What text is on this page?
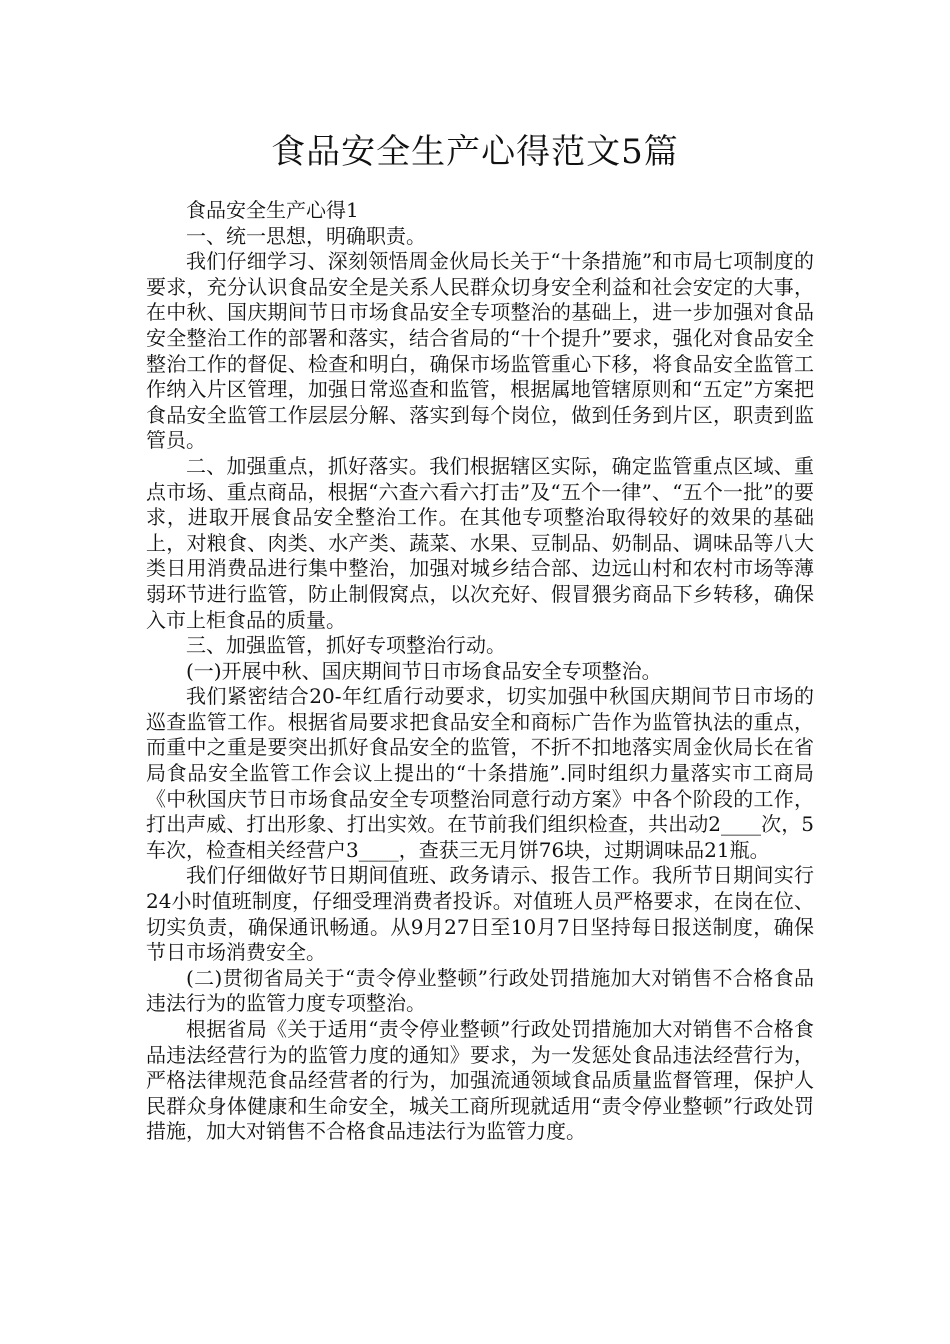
食品安全生产心得范文5篇

食品安全生产心得1

一、统一思想，明确职责。

我们仔细学习、深刻领悟周金伙局长关于“十条措施”和市局七项制度的要求，充分认识食品安全是关系人民群众切身安全利益和社会安定的大事，在中秋、国庆期间节日市场食品安全专项整治的基础上，进一步加强对食品安全整治工作的部署和落实，结合省局的“十个提升”要求，强化对食品安全整治工作的督促、检查和明白，确保市场监管重心下移，将食品安全监管工作纳入片区管理，加强日常巡查和监管，根据属地管辖原则和“五定”方案把食品安全监管工作层层分解、落实到每个岗位，做到任务到片区，职责到监管员。

二、加强重点，抓好落实。我们根据辖区实际，确定监管重点区域、重点市场、重点商品，根据“六查六看六打击”及“五个一律”、“五个一批”的要求，进取开展食品安全整治工作。在其他专项整治取得较好的效果的基础上，对粮食、肉类、水产类、蔬菜、水果、豆制品、奶制品、调味品等八大类日用消费品进行集中整治，加强对城乡结合部、边远山村和农村市场等薄弱环节进行监管，防止制假窝点，以次充好、假冒猥劣商品下乡转移，确保入市上柜食品的质量。

三、加强监管，抓好专项整治行动。

(一)开展中秋、国庆期间节日市场食品安全专项整治。

我们紧密结合20-年红盾行动要求，切实加强中秋国庆期间节日市场的巡查监管工作。根据省局要求把食品安全和商标广告作为监管执法的重点，而重中之重是要突出抓好食品安全的监管，不折不扣地落实周金伙局长在省局食品安全监管工作会议上提出的“十条措施”.同时组织力量落实市工商局《中秋国庆节日市场食品安全专项整治同意行动方案》中各个阶段的工作，打出声威、打出形象、打出实效。在节前我们组织检查，共出动2____次，5车次，检查相关经营户3____，查获三无月饼76块，过期调味品21瓶。

我们仔细做好节日期间值班、政务请示、报告工作。我所节日期间实行24小时值班制度，仔细受理消费者投诉。对值班人员严格要求，在岗在位、切实负责，确保通讯畅通。从9月27日至10月7日坚持每日报送制度，确保节日市场消费安全。

(二)贯彻省局关于“责令停业整顿”行政处罚措施加大对销售不合格食品违法行为的监管力度专项整治。

根据省局《关于适用“责令停业整顿”行政处罚措施加大对销售不合格食品违法经营行为的监管力度的通知》要求，为一发惩处食品违法经营行为，严格法律规范食品经营者的行为，加强流通领域食品质量监督管理，保护人民群众身体健康和生命安全，城关工商所现就适用“责令停业整顿”行政处罚措施，加大对销售不合格食品违法行为监管力度。
